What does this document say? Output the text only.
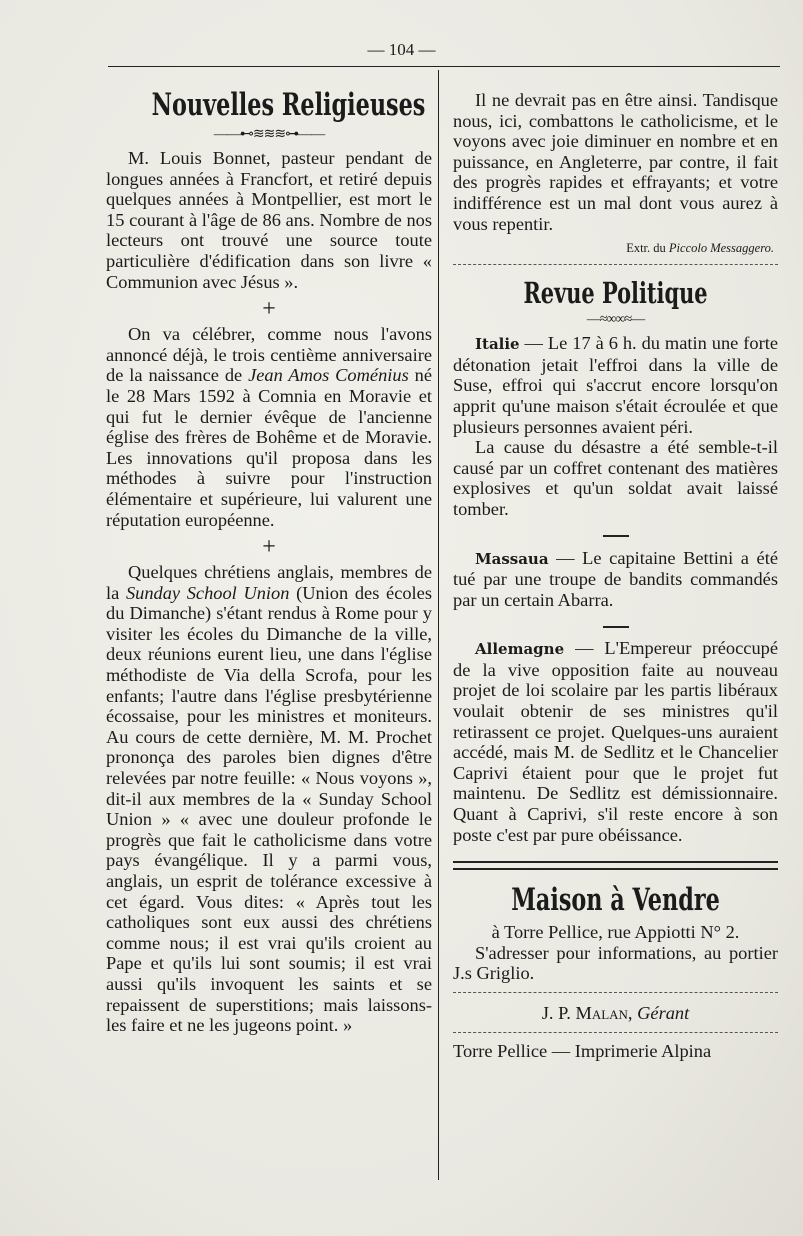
— 104 —
Nouvelles Religieuses
——⊷≋≋≋⊶——

M. Louis Bonnet, pasteur pendant de longues années à Francfort, et retiré depuis quelques années à Montpellier, est mort le 15 courant à l'âge de 86 ans. Nombre de nos lecteurs ont trouvé une source toute particulière d'édification dans son livre « Communion avec Jésus ».

+

On va célébrer, comme nous l'avons annoncé déjà, le trois centième anniversaire de la naissance de Jean Amos Coménius né le 28 Mars 1592 à Comnia en Moravie et qui fut le dernier évêque de l'ancienne église des frères de Bohême et de Moravie. Les innovations qu'il proposa dans les méthodes à suivre pour l'instruction élémentaire et supérieure, lui valurent une réputation européenne.

+

Quelques chrétiens anglais, membres de la Sunday School Union (Union des écoles du Dimanche) s'étant rendus à Rome pour y visiter les écoles du Dimanche de la ville, deux réunions eurent lieu, une dans l'église méthodiste de Via della Scrofa, pour les enfants; l'autre dans l'église presbytérienne écossaise, pour les ministres et moniteurs. Au cours de cette dernière, M. M. Prochet prononça des paroles bien dignes d'être relevées par notre feuille: « Nous voyons », dit-il aux membres de la « Sunday School Union » « avec une douleur profonde le progrès que fait le catholicisme dans votre pays évangélique. Il y a parmi vous, anglais, un esprit de tolérance excessive à cet égard. Vous dites: « Après tout les catholiques sont eux aussi des chrétiens comme nous; il est vrai qu'ils croient au Pape et qu'ils lui sont soumis; il est vrai aussi qu'ils invoquent les saints et se repaissent de superstitions; mais laissons-les faire et ne les jugeons point. »

Il ne devrait pas en être ainsi. Tandisque nous, ici, combattons le catholicisme, et le voyons avec joie diminuer en nombre et en puissance, en Angleterre, par contre, il fait des progrès rapides et effrayants; et votre indifférence est un mal dont vous aurez à vous repentir.

Extr. du Piccolo Messaggero.
Revue Politique
—≈∞∞≈—

Italie — Le 17 à 6 h. du matin une forte détonation jetait l'effroi dans la ville de Suse, effroi qui s'accrut encore lorsqu'on apprit qu'une maison s'était écroulée et que plusieurs personnes avaient péri.

La cause du désastre a été semble-t-il causé par un coffret contenant des matières explosives et qu'un soldat avait laissé tomber.

Massaua — Le capitaine Bettini a été tué par une troupe de bandits commandés par un certain Abarra.

Allemagne — L'Empereur préoccupé de la vive opposition faite au nouveau projet de loi scolaire par les partis libéraux voulait obtenir de ses ministres qu'il retirassent ce projet. Quelques-uns auraient accédé, mais M. de Sedlitz et le Chancelier Caprivi étaient pour que le projet fut maintenu. De Sedlitz est démissionnaire. Quant à Caprivi, s'il reste encore à son poste c'est par pure obéissance.

Maison à Vendre

à Torre Pellice, rue Appiotti N° 2.

S'adresser pour informations, au portier J.s Griglio.

J. P. Malan, Gérant

Torre Pellice — Imprimerie Alpina
